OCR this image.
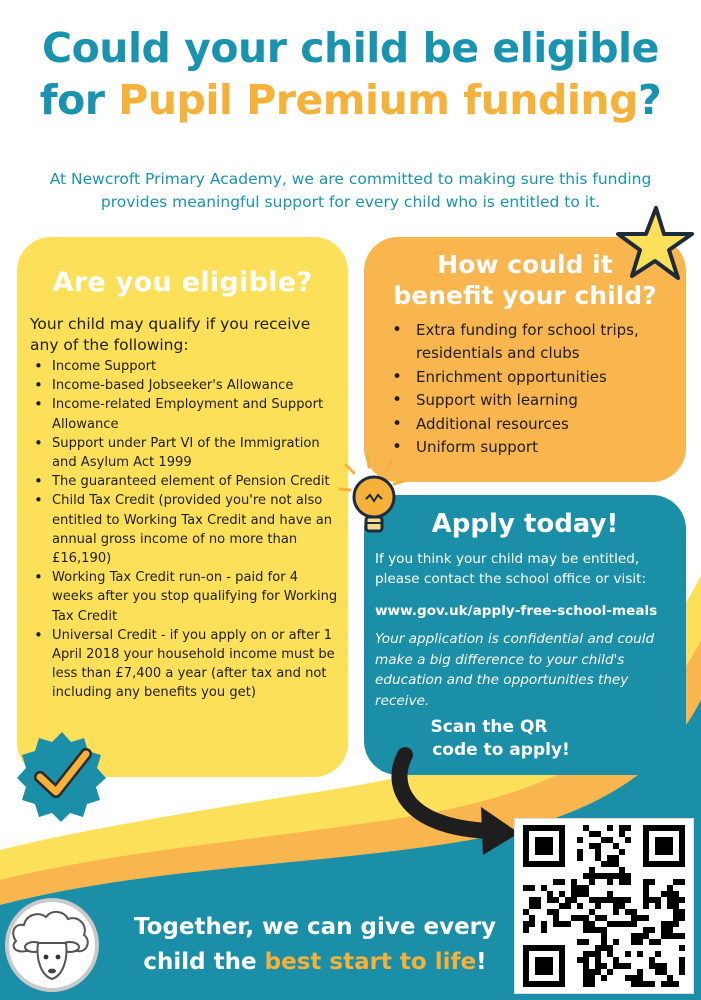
Could your child be eligible
for Pupil Premium funding?
At Newcroft Primary Academy, we are committed to making sure this funding provides meaningful support for every child who is entitled to it.
Are you eligible?
Your child may qualify if you receive any of the following:
• Income Support
• Income-based Jobseeker's Allowance
• Income-related Employment and Support Allowance
• Support under Part VI of the Immigration and Asylum Act 1999
• The guaranteed element of Pension Credit
• Child Tax Credit (provided you're not also entitled to Working Tax Credit and have an annual gross income of no more than £16,190)
• Working Tax Credit run-on - paid for 4 weeks after you stop qualifying for Working Tax Credit
• Universal Credit - if you apply on or after 1 April 2018 your household income must be less than £7,400 a year (after tax and not including any benefits you get)
How could it
benefit your child?
• Extra funding for school trips, residentials and clubs
• Enrichment opportunities
• Support with learning
• Additional resources
• Uniform support
Apply today!
If you think your child may be entitled, please contact the school office or visit:
www.gov.uk/apply-free-school-meals
Your application is confidential and could make a big difference to your child's education and the opportunities they receive.
Scan the QR
code to apply!
Together, we can give every
child the best start to life!
